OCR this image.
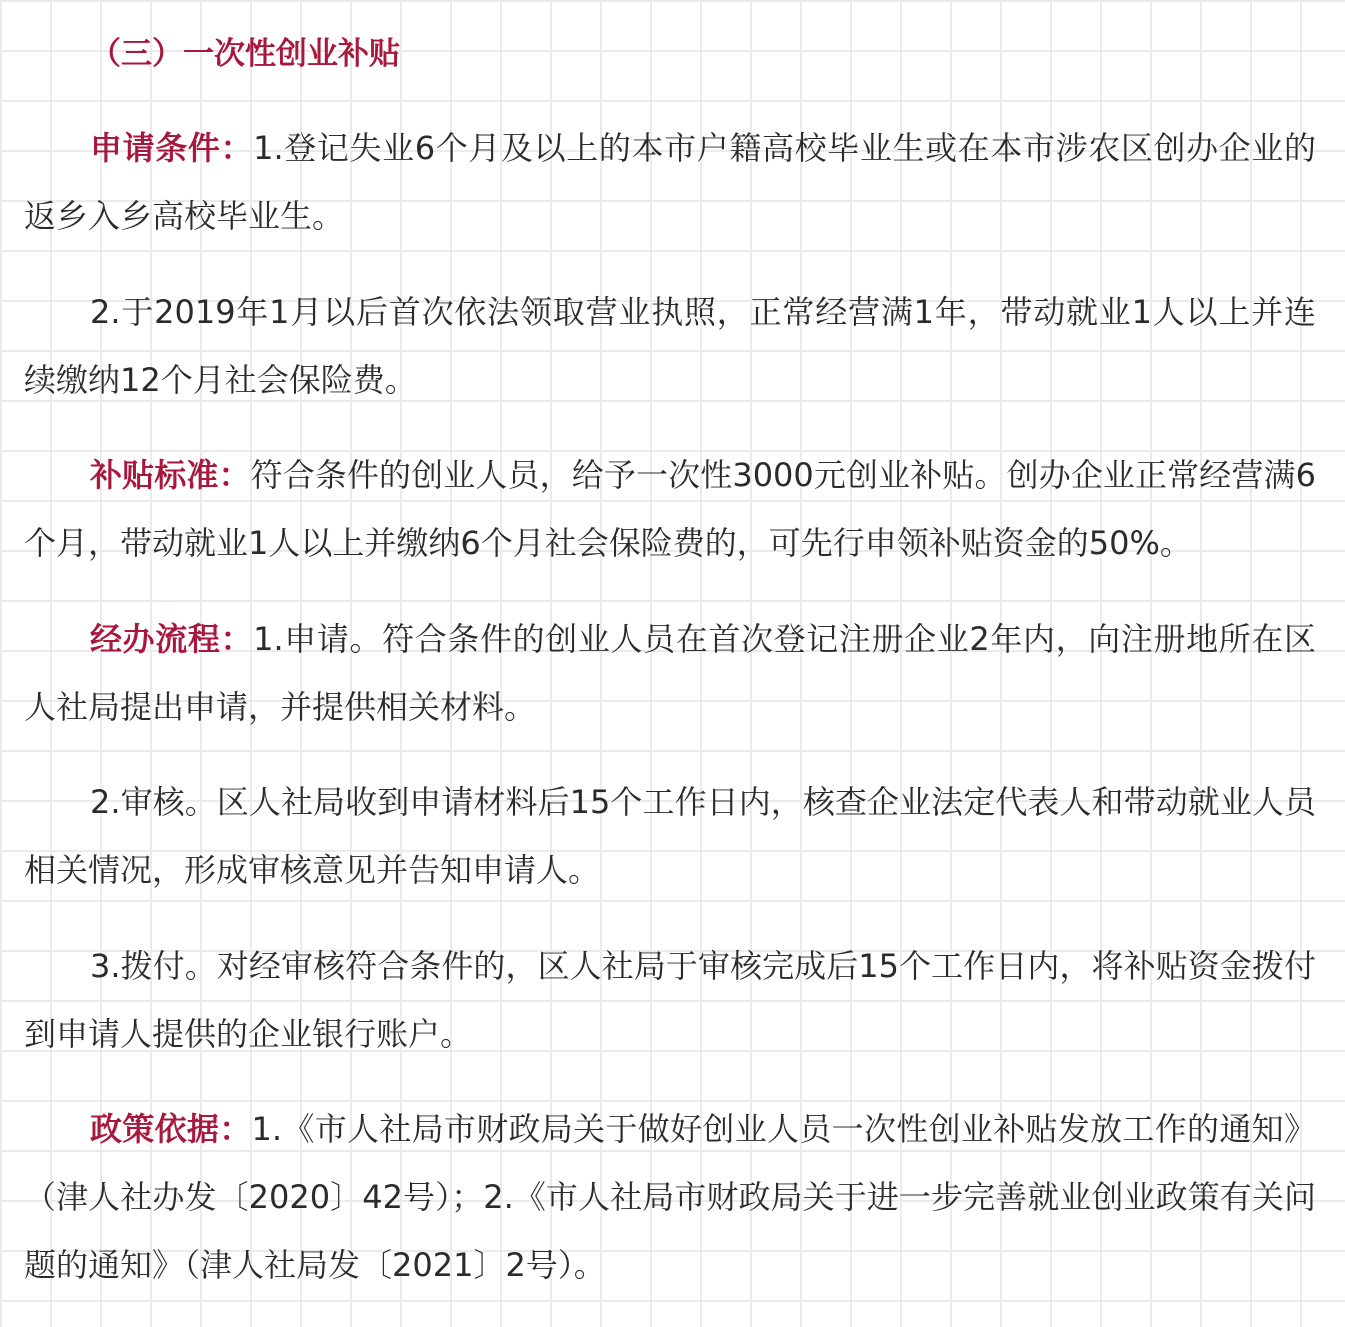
（三）一次性创业补贴

申请条件：1.登记失业6个月及以上的本市户籍高校毕业生或在本市涉农区创办企业的返乡入乡高校毕业生。

2.于2019年1月以后首次依法领取营业执照，正常经营满1年，带动就业1人以上并连续缴纳12个月社会保险费。

补贴标准：符合条件的创业人员，给予一次性3000元创业补贴。创办企业正常经营满6个月，带动就业1人以上并缴纳6个月社会保险费的，可先行申领补贴资金的50%。

经办流程：1.申请。符合条件的创业人员在首次登记注册企业2年内，向注册地所在区人社局提出申请，并提供相关材料。

2.审核。区人社局收到申请材料后15个工作日内，核查企业法定代表人和带动就业人员相关情况，形成审核意见并告知申请人。

3.拨付。对经审核符合条件的，区人社局于审核完成后15个工作日内，将补贴资金拨付到申请人提供的企业银行账户。

政策依据：1.《市人社局市财政局关于做好创业人员一次性创业补贴发放工作的通知》（津人社办发〔2020〕42号）；2.《市人社局市财政局关于进一步完善就业创业政策有关问题的通知》（津人社局发〔2021〕2号）。
